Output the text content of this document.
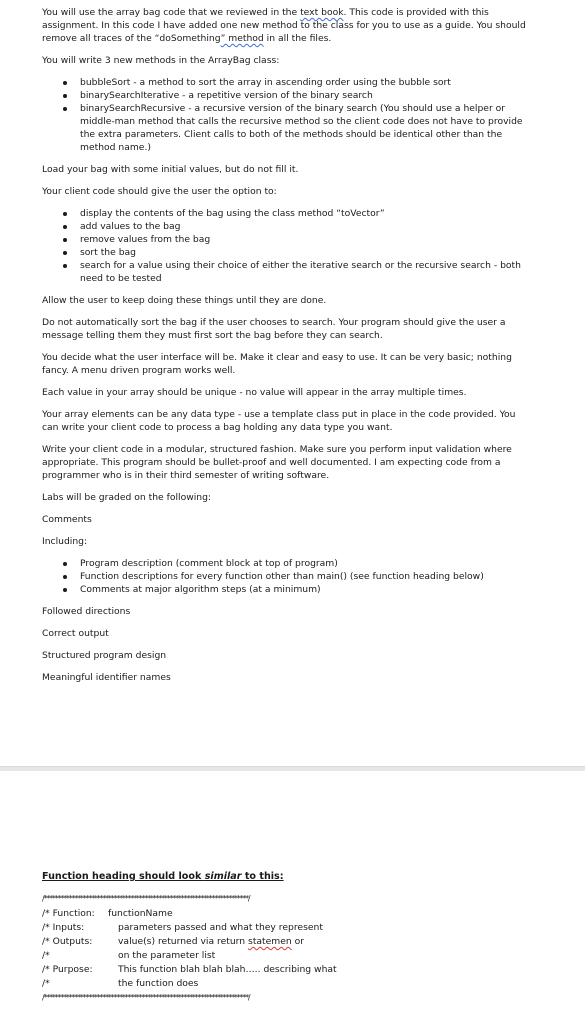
You will use the array bag code that we reviewed in the text book. This code is provided with this assignment. In this code I have added one new method to the class for you to use as a guide. You should remove all traces of the “doSomething” method in all the files.

You will write 3 new methods in the ArrayBag class:

bubbleSort - a method to sort the array in ascending order using the bubble sort
binarySearchIterative - a repetitive version of the binary search
binarySearchRecursive - a recursive version of the binary search (You should use a helper or middle-man method that calls the recursive method so the client code does not have to provide the extra parameters. Client calls to both of the methods should be identical other than the method name.)

Load your bag with some initial values, but do not fill it.

Your client code should give the user the option to:

display the contents of the bag using the class method “toVector”
add values to the bag
remove values from the bag
sort the bag
search for a value using their choice of either the iterative search or the recursive search - both need to be tested

Allow the user to keep doing these things until they are done.

Do not automatically sort the bag if the user chooses to search. Your program should give the user a message telling them they must first sort the bag before they can search.

You decide what the user interface will be. Make it clear and easy to use. It can be very basic; nothing fancy. A menu driven program works well.

Each value in your array should be unique - no value will appear in the array multiple times.

Your array elements can be any data type - use a template class put in place in the code provided. You can write your client code to process a bag holding any data type you want.

Write your client code in a modular, structured fashion. Make sure you perform input validation where appropriate. This program should be bullet-proof and well documented. I am expecting code from a programmer who is in their third semester of writing software.

Labs will be graded on the following:

Comments

Including:

Program description (comment block at top of program)
Function descriptions for every function other than main() (see function heading below)
Comments at major algorithm steps (at a minimum)

Followed directions

Correct output

Structured program design

Meaningful identifier names

Function heading should look similar to this:
/*************************************************************************/
/* Function: functionName
/* Inputs:	parameters passed and what they represent
/* Outputs:	value(s) returned via return statemen or
/*	on the parameter list
/* Purpose:	This function blah blah blah….. describing what
/*	the function does
/*************************************************************************/
